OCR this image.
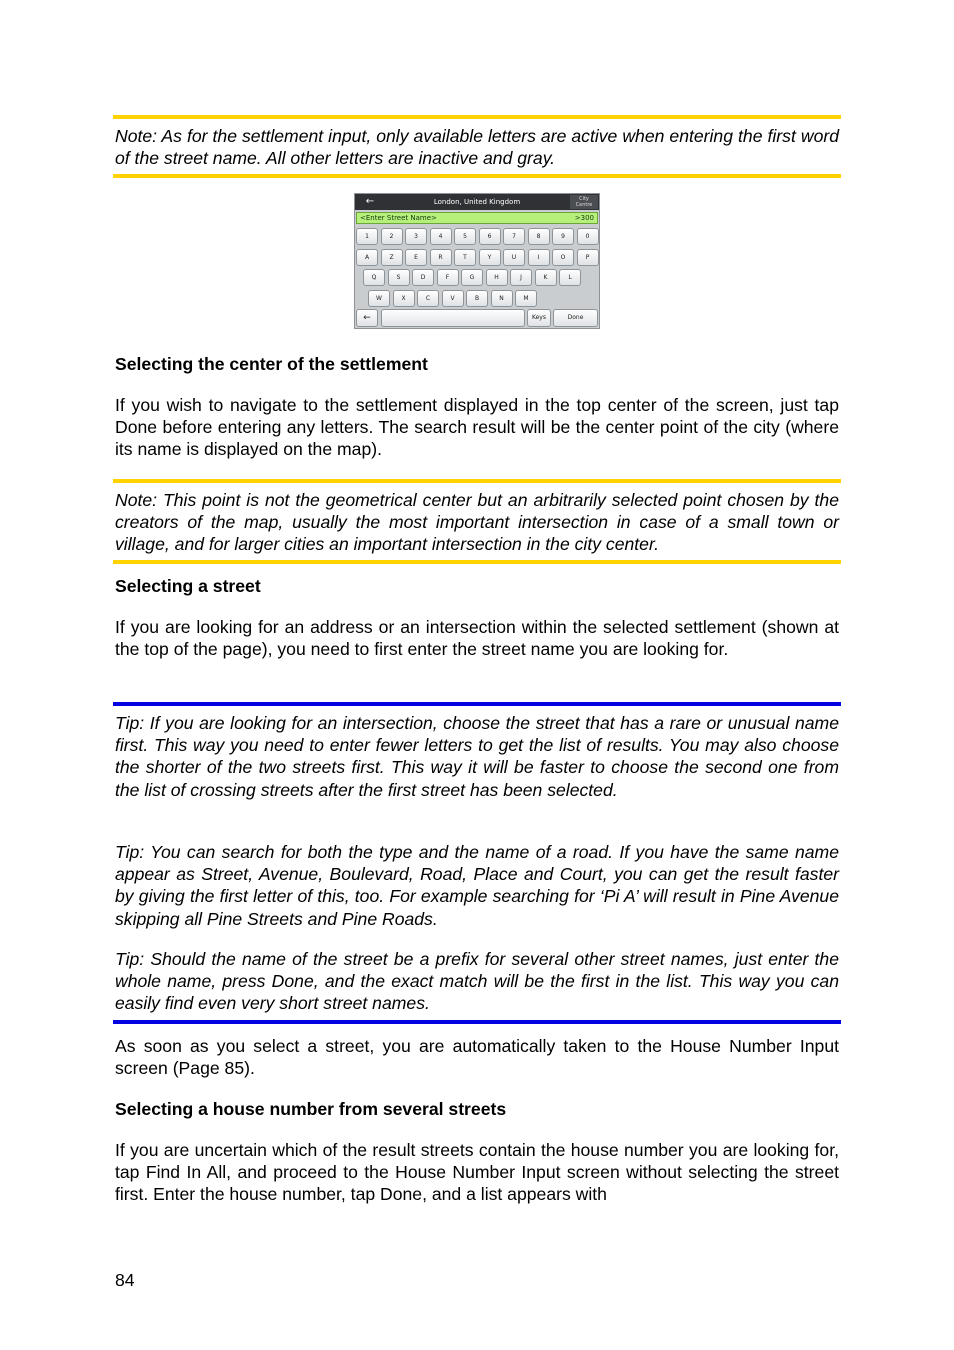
Note: As for the settlement input, only available letters are active when entering the first word of the street name. All other letters are inactive and gray.

←	London, United Kingdom	City Centre
<Enter Street Name>	>300
1	2	3	4	5	6	7	8	9	0
A	Z	E	R	T	Y	U	I	O	P
Q	S	D	F	G	H	J	K	L
W	X	C	V	B	N	M
←	Keys	Done

Selecting the center of the settlement

If you wish to navigate to the settlement displayed in the top center of the screen, just tap Done before entering any letters. The search result will be the center point of the city (where its name is displayed on the map).

Note: This point is not the geometrical center but an arbitrarily selected point chosen by the creators of the map, usually the most important intersection in case of a small town or village, and for larger cities an important intersection in the city center.

Selecting a street

If you are looking for an address or an intersection within the selected settlement (shown at the top of the page), you need to first enter the street name you are looking for.

Tip: If you are looking for an intersection, choose the street that has a rare or unusual name first. This way you need to enter fewer letters to get the list of results. You may also choose the shorter of the two streets first. This way it will be faster to choose the second one from the list of crossing streets after the first street has been selected.

Tip: You can search for both the type and the name of a road. If you have the same name appear as Street, Avenue, Boulevard, Road, Place and Court, you can get the result faster by giving the first letter of this, too. For example searching for ‘Pi A’ will result in Pine Avenue skipping all Pine Streets and Pine Roads.

Tip: Should the name of the street be a prefix for several other street names, just enter the whole name, press Done, and the exact match will be the first in the list. This way you can easily find even very short street names.

As soon as you select a street, you are automatically taken to the House Number Input screen (Page 85).

Selecting a house number from several streets

If you are uncertain which of the result streets contain the house number you are looking for, tap Find In All, and proceed to the House Number Input screen without selecting the street first. Enter the house number, tap Done, and a list appears with

84
